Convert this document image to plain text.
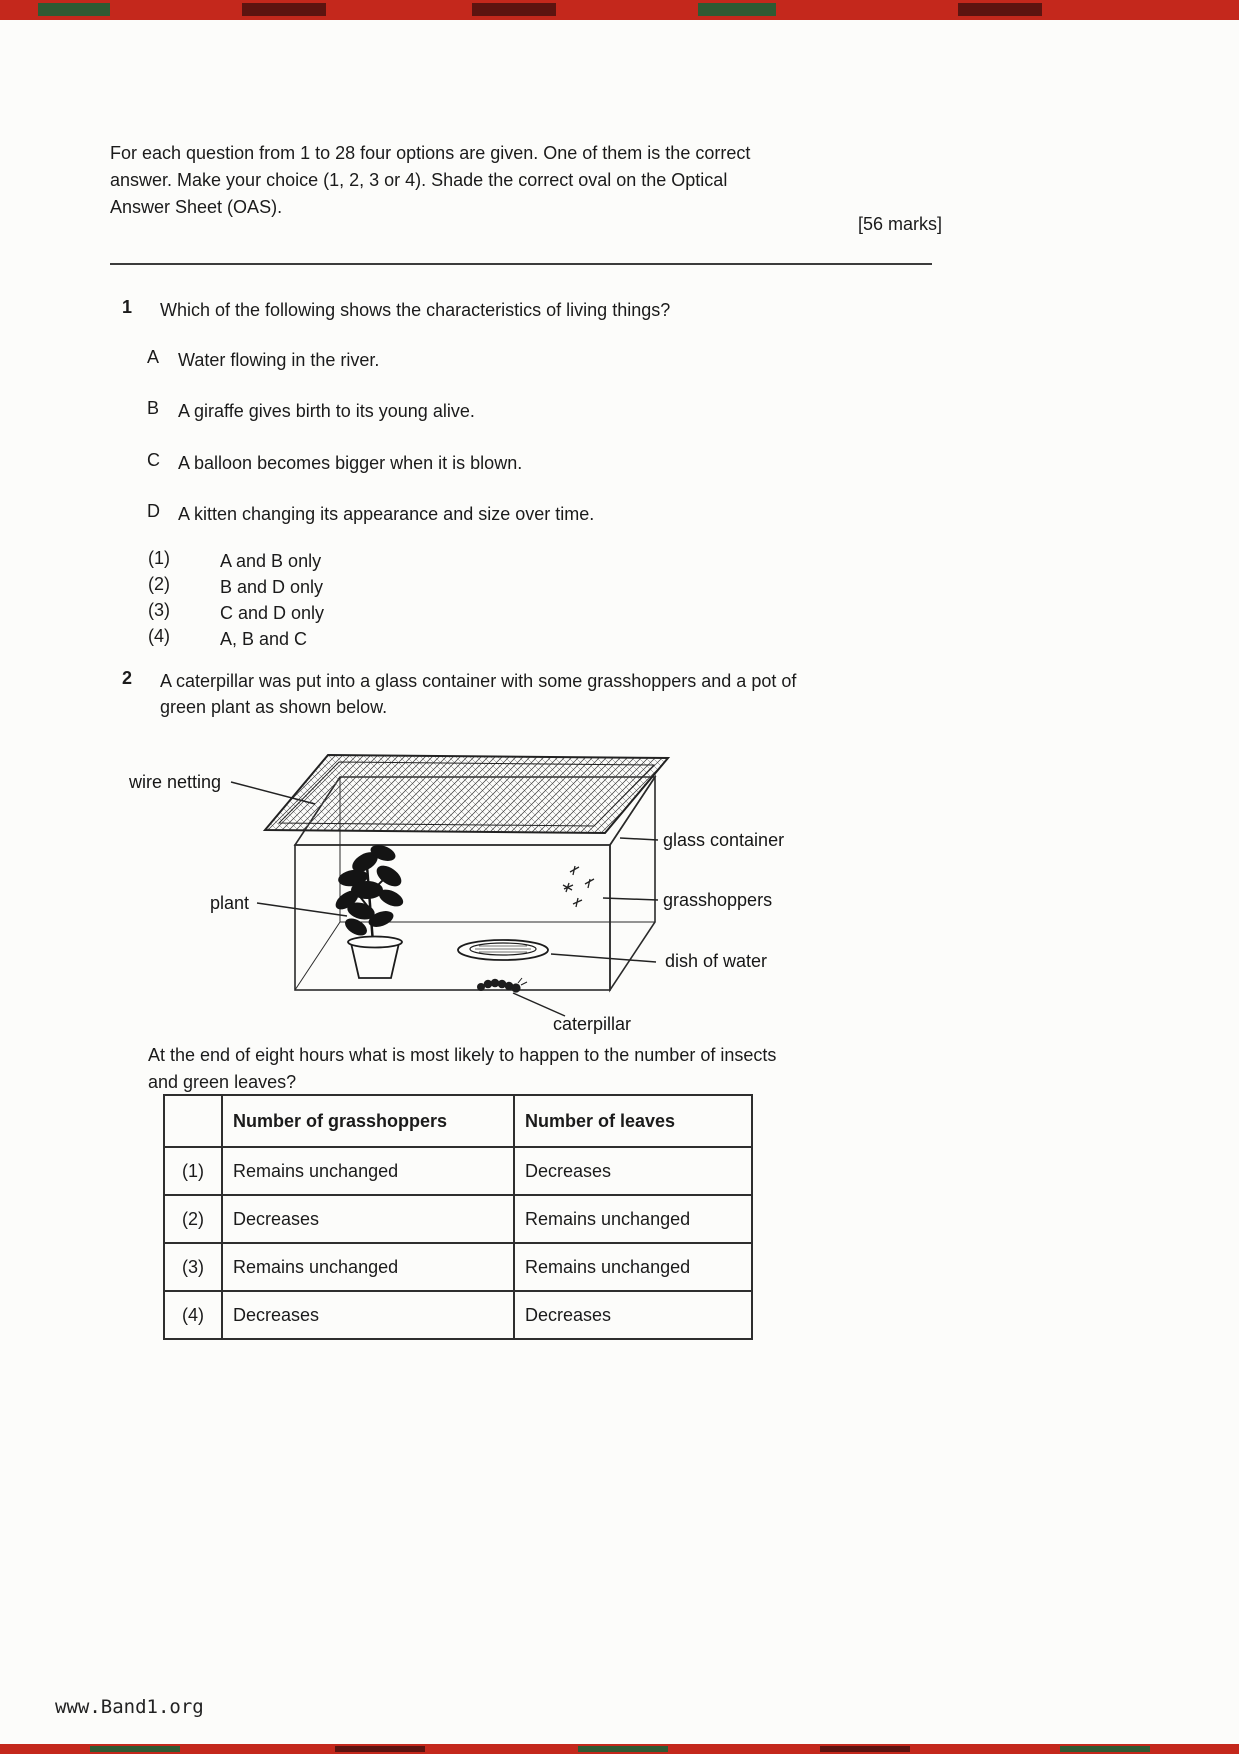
For each question from 1 to 28 four options are given. One of them is the correct
answer. Make your choice (1, 2, 3 or 4). Shade the correct oval on the Optical
Answer Sheet (OAS).
[56 marks]
1	Which of the following shows the characteristics of living things?
A	Water flowing in the river.
B	A giraffe gives birth to its young alive.
C	A balloon becomes bigger when it is blown.
D	A kitten changing its appearance and size over time.
(1)	A and B only
(2)	B and D only
(3)	C and D only
(4)	A, B and C
2	A caterpillar was put into a glass container with some grasshoppers and a pot of
green plant as shown below.
wire netting
plant
glass container
grasshoppers
dish of water
caterpillar
At the end of eight hours what is most likely to happen to the number of insects
and green leaves?
	Number of grasshoppers	Number of leaves
(1)	Remains unchanged	Decreases
(2)	Decreases	Remains unchanged
(3)	Remains unchanged	Remains unchanged
(4)	Decreases	Decreases
www.Band1.org
